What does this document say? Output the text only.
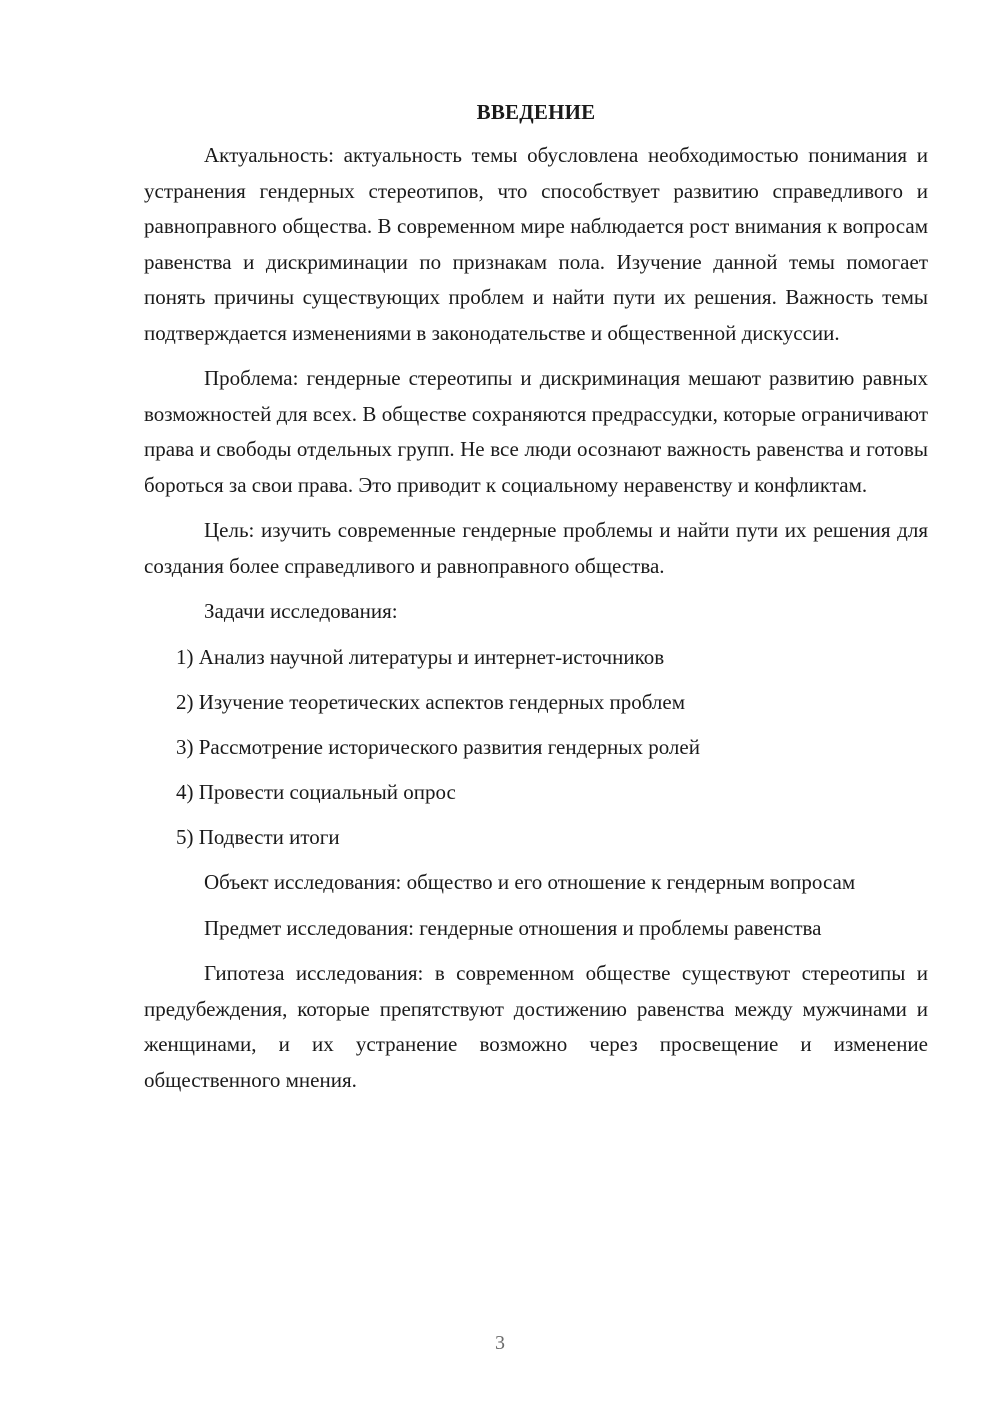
ВВЕДЕНИЕ

Актуальность: актуальность темы обусловлена необходимостью понимания и устранения гендерных стереотипов, что способствует развитию справедливого и равноправного общества. В современном мире наблюдается рост внимания к вопросам равенства и дискриминации по признакам пола. Изучение данной темы помогает понять причины существующих проблем и найти пути их решения. Важность темы подтверждается изменениями в законодательстве и общественной дискуссии.

Проблема: гендерные стереотипы и дискриминация мешают развитию равных возможностей для всех. В обществе сохраняются предрассудки, которые ограничивают права и свободы отдельных групп. Не все люди осознают важность равенства и готовы бороться за свои права. Это приводит к социальному неравенству и конфликтам.

Цель: изучить современные гендерные проблемы и найти пути их решения для создания более справедливого и равноправного общества.

Задачи исследования:

1) Анализ научной литературы и интернет-источников
2) Изучение теоретических аспектов гендерных проблем
3) Рассмотрение исторического развития гендерных ролей
4) Провести социальный опрос
5) Подвести итоги

Объект исследования: общество и его отношение к гендерным вопросам

Предмет исследования: гендерные отношения и проблемы равенства

Гипотеза исследования: в современном обществе существуют стереотипы и предубеждения, которые препятствуют достижению равенства между мужчинами и женщинами, и их устранение возможно через просвещение и изменение общественного мнения.

3
